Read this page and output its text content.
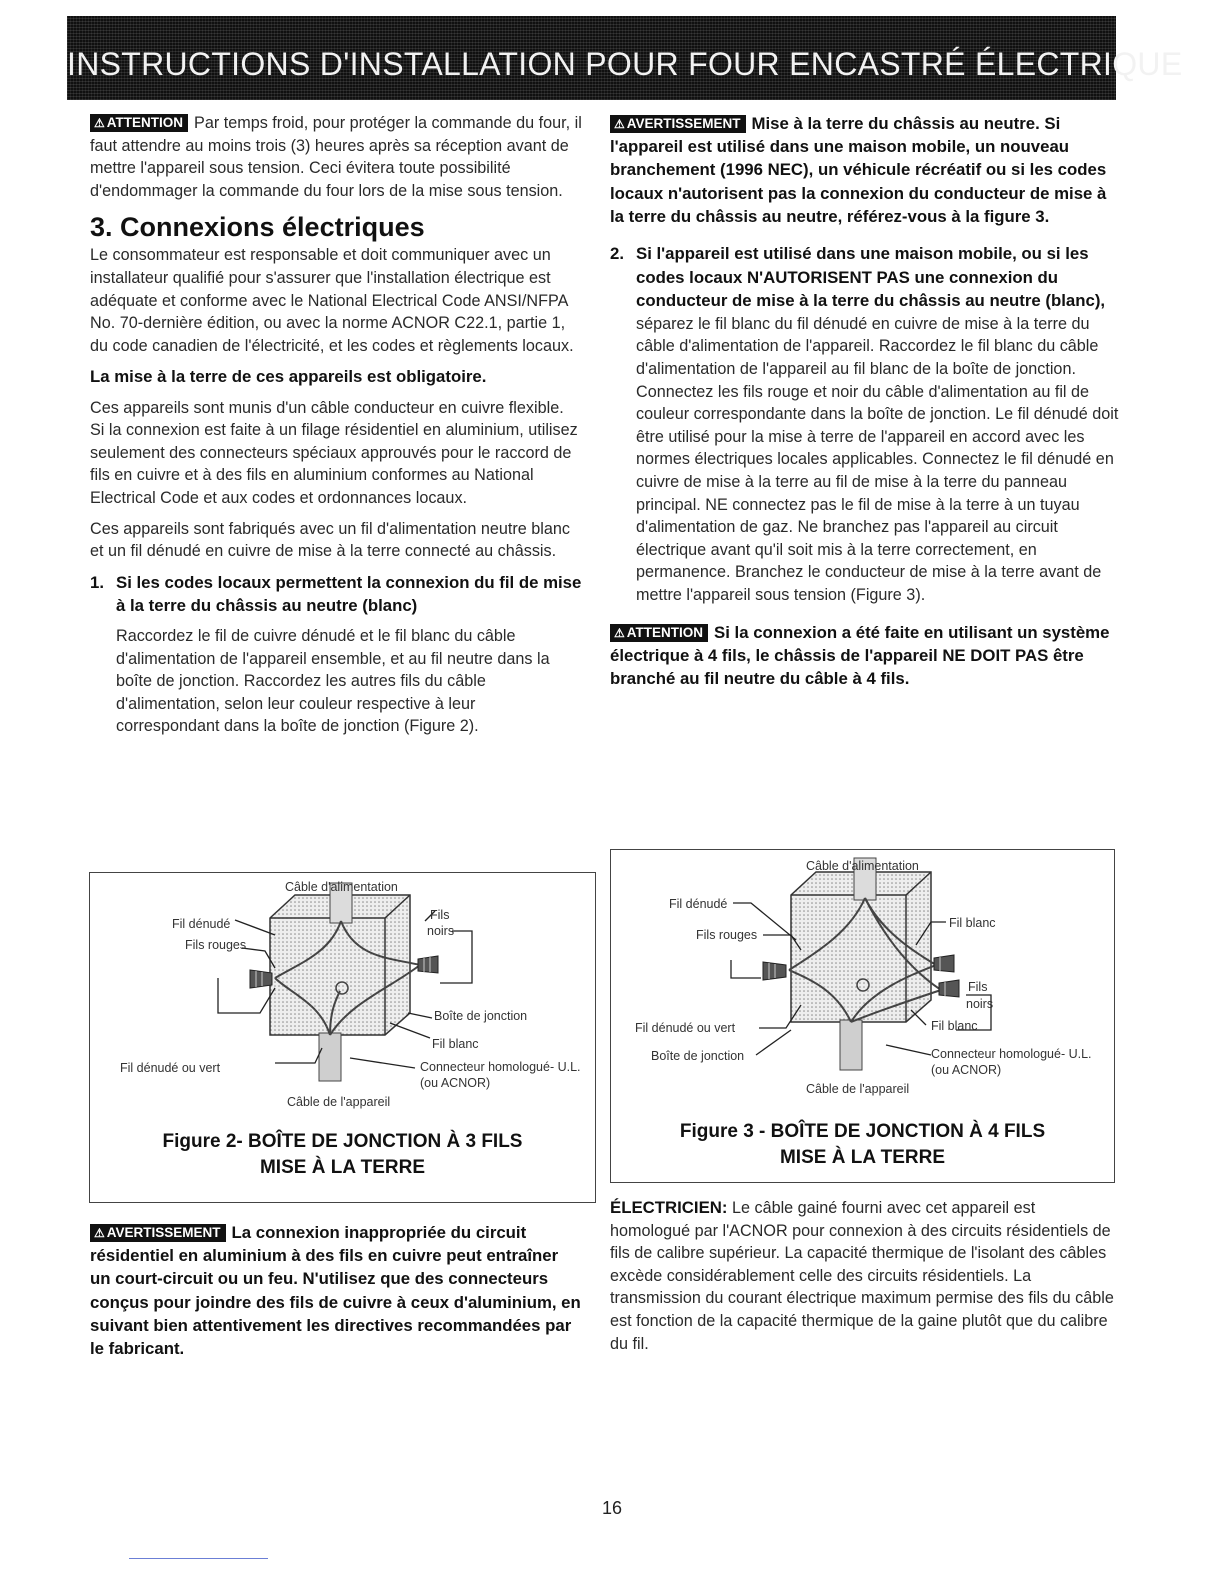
INSTRUCTIONS D'INSTALLATION POUR FOUR ENCASTRÉ ÉLECTRIQUE

⚠ ATTENTION Par temps froid, pour protéger la commande du four, il faut attendre au moins trois (3) heures après sa réception avant de mettre l'appareil sous tension. Ceci évitera toute possibilité d'endommager la commande du four lors de la mise sous tension.

3. Connexions électriques

Le consommateur est responsable et doit communiquer avec un installateur qualifié pour s'assurer que l'installation électrique est adéquate et conforme avec le National Electrical Code ANSI/NFPA No. 70-dernière édition, ou avec la norme ACNOR C22.1, partie 1, du code canadien de l'électricité, et les codes et règlements locaux.

La mise à la terre de ces appareils est obligatoire.

Ces appareils sont munis d'un câble conducteur en cuivre flexible. Si la connexion est faite à un filage résidentiel en aluminium, utilisez seulement des connecteurs spéciaux approuvés pour le raccord de fils en cuivre et à des fils en aluminium conformes au National Electrical Code et aux codes et ordonnances locaux.

Ces appareils sont fabriqués avec un fil d'alimentation neutre blanc et un fil dénudé en cuivre de mise à la terre connecté au châssis.

1. Si les codes locaux permettent la connexion du fil de mise à la terre du châssis au neutre (blanc)

Raccordez le fil de cuivre dénudé et le fil blanc du câble d'alimentation de l'appareil ensemble, et au fil neutre dans la boîte de jonction. Raccordez les autres fils du câble d'alimentation, selon leur couleur respective à leur correspondant dans la boîte de jonction (Figure 2).

Câble d'alimentation
Fil dénudé
Fils rouges
Fils
noirs
Boîte de jonction
Fil blanc
Connecteur homologué- U.L.
(ou ACNOR)
Fil dénudé ou vert
Câble de l'appareil
Figure 2- BOÎTE DE JONCTION À 3 FILS
MISE À LA TERRE

⚠ AVERTISSEMENT La connexion inappropriée du circuit résidentiel en aluminium à des fils en cuivre peut entraîner un court-circuit ou un feu. N'utilisez que des connecteurs conçus pour joindre des fils de cuivre à ceux d'aluminium, en suivant bien attentivement les directives recommandées par le fabricant.

⚠ AVERTISSEMENT Mise à la terre du châssis au neutre. Si l'appareil est utilisé dans une maison mobile, un nouveau branchement (1996 NEC), un véhicule récréatif ou si les codes locaux n'autorisent pas la connexion du conducteur de mise à la terre du châssis au neutre, référez-vous à la figure 3.

2. Si l'appareil est utilisé dans une maison mobile, ou si les codes locaux N'AUTORISENT PAS une connexion du conducteur de mise à la terre du châssis au neutre (blanc), séparez le fil blanc du fil dénudé en cuivre de mise à la terre du câble d'alimentation de l'appareil. Raccordez le fil blanc du câble d'alimentation de l'appareil au fil blanc de la boîte de jonction. Connectez les fils rouge et noir du câble d'alimentation au fil de couleur correspondante dans la boîte de jonction. Le fil dénudé doit être utilisé pour la mise à terre de l'appareil en accord avec les normes électriques locales applicables. Connectez le fil dénudé en cuivre de mise à la terre au fil de mise à la terre du panneau principal. NE connectez pas le fil de mise à la terre à un tuyau d'alimentation de gaz. Ne branchez pas l'appareil au circuit électrique avant qu'il soit mis à la terre correctement, en permanence. Branchez le conducteur de mise à la terre avant de mettre l'appareil sous tension (Figure 3).

⚠ ATTENTION Si la connexion a été faite en utilisant un système électrique à 4 fils, le châssis de l'appareil NE DOIT PAS être branché au fil neutre du câble à 4 fils.

Câble d'alimentation
Fil dénudé
Fils rouges
Fil blanc
Fils
noirs
Fil dénudé ou vert	Fil blanc
Boîte de jonction	Connecteur homologué- U.L.
(ou ACNOR)
Câble de l'appareil
Figure 3 - BOÎTE DE JONCTION À 4 FILS
MISE À LA TERRE

ÉLECTRICIEN: Le câble gainé fourni avec cet appareil est homologué par l'ACNOR pour connexion à des circuits résidentiels de fils de calibre supérieur. La capacité thermique de l'isolant des câbles excède considérablement celle des circuits résidentiels. La transmission du courant électrique maximum permise des fils du câble est fonction de la capacité thermique de la gaine plutôt que du calibre du fil.

16
